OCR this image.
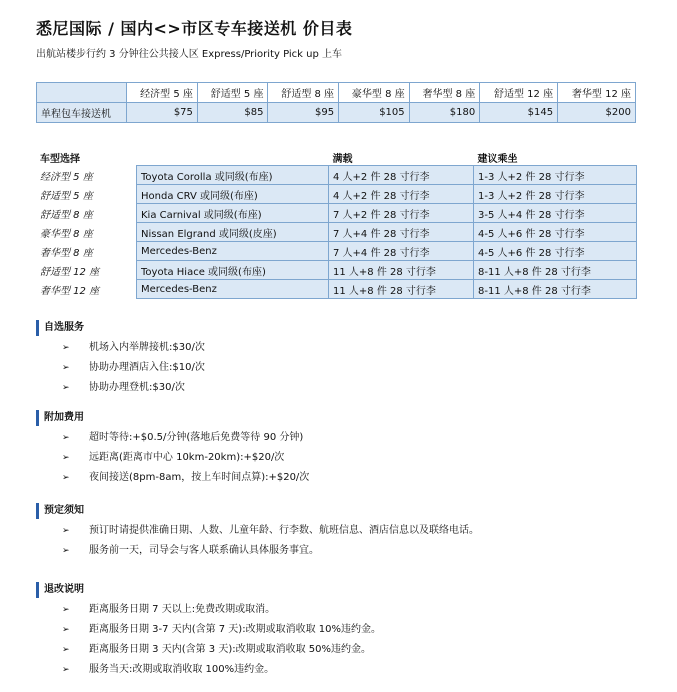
悉尼国际 / 国内<>市区专车接送机 价目表
出航站楼步行约 3 分钟往公共接人区 Express/Priority Pick up 上车
	经济型 5 座	舒适型 5 座	舒适型 8 座	豪华型 8 座	奢华型 8 座	舒适型 12 座	奢华型 12 座
单程包车接送机	$75	$85	$95	$105	$180	$145	$200
车型选择		满载	建议乘坐
经济型 5 座	Toyota Corolla 或同级(布座)	4 人+2 件 28 寸行李	1-3 人+2 件 28 寸行李
舒适型 5 座	Honda CRV 或同级(布座)	4 人+2 件 28 寸行李	1-3 人+2 件 28 寸行李
舒适型 8 座	Kia Carnival 或同级(布座)	7 人+2 件 28 寸行李	3-5 人+4 件 28 寸行李
豪华型 8 座	Nissan Elgrand 或同级(皮座)	7 人+4 件 28 寸行李	4-5 人+6 件 28 寸行李
奢华型 8 座	Mercedes-Benz	7 人+4 件 28 寸行李	4-5 人+6 件 28 寸行李
舒适型 12 座	Toyota Hiace 或同级(布座)	11 人+8 件 28 寸行李	8-11 人+8 件 28 寸行李
奢华型 12 座	Mercedes-Benz	11 人+8 件 28 寸行李	8-11 人+8 件 28 寸行李
自选服务
➢ 机场入内举牌接机:$30/次
➢ 协助办理酒店入住:$10/次
➢ 协助办理登机:$30/次
附加费用
➢ 超时等待:+$0.5/分钟(落地后免费等待 90 分钟)
➢ 远距离(距离市中心 10km-20km):+$20/次
➢ 夜间接送(8pm-8am，按上车时间点算):+$20/次
预定须知
➢ 预订时请提供准确日期、人数、儿童年龄、行李数、航班信息、酒店信息以及联络电话。
➢ 服务前一天，司导会与客人联系确认具体服务事宜。
退改说明
➢ 距离服务日期 7 天以上:免费改期或取消。
➢ 距离服务日期 3-7 天内(含第 7 天):改期或取消收取 10%违约金。
➢ 距离服务日期 3 天内(含第 3 天):改期或取消收取 50%违约金。
➢ 服务当天:改期或取消收取 100%违约金。
